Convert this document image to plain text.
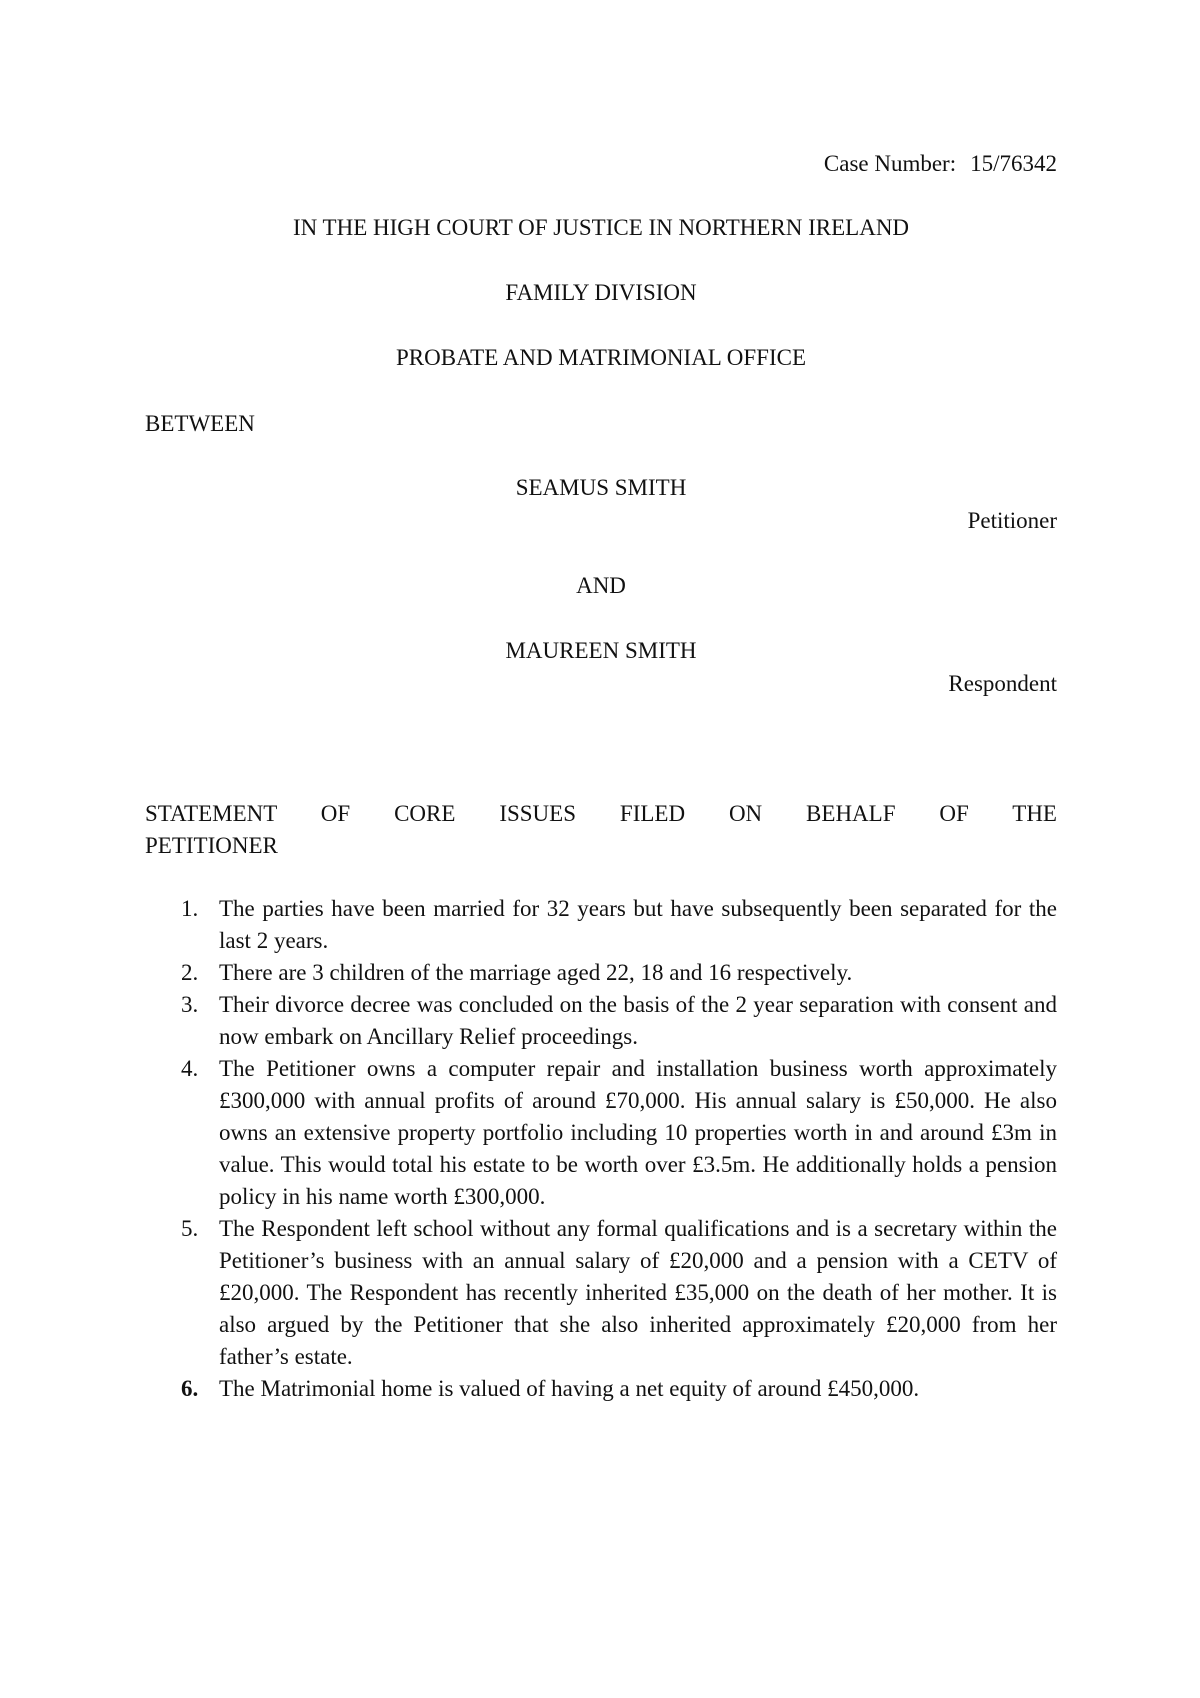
Case Number: 15/76342
IN THE HIGH COURT OF JUSTICE IN NORTHERN IRELAND
FAMILY DIVISION
PROBATE AND MATRIMONIAL OFFICE
BETWEEN
SEAMUS SMITH
Petitioner
AND
MAUREEN SMITH
Respondent
STATEMENT OF CORE ISSUES FILED ON BEHALF OF THE
PETITIONER
1. The parties have been married for 32 years but have subsequently been separated for the last 2 years.
2. There are 3 children of the marriage aged 22, 18 and 16 respectively.
3. Their divorce decree was concluded on the basis of the 2 year separation with consent and now embark on Ancillary Relief proceedings.
4. The Petitioner owns a computer repair and installation business worth approximately £300,000 with annual profits of around £70,000. His annual salary is £50,000. He also owns an extensive property portfolio including 10 properties worth in and around £3m in value. This would total his estate to be worth over £3.5m. He additionally holds a pension policy in his name worth £300,000.
5. The Respondent left school without any formal qualifications and is a secretary within the Petitioner’s business with an annual salary of £20,000 and a pension with a CETV of £20,000. The Respondent has recently inherited £35,000 on the death of her mother. It is also argued by the Petitioner that she also inherited approximately £20,000 from her father’s estate.
6. The Matrimonial home is valued of having a net equity of around £450,000.
